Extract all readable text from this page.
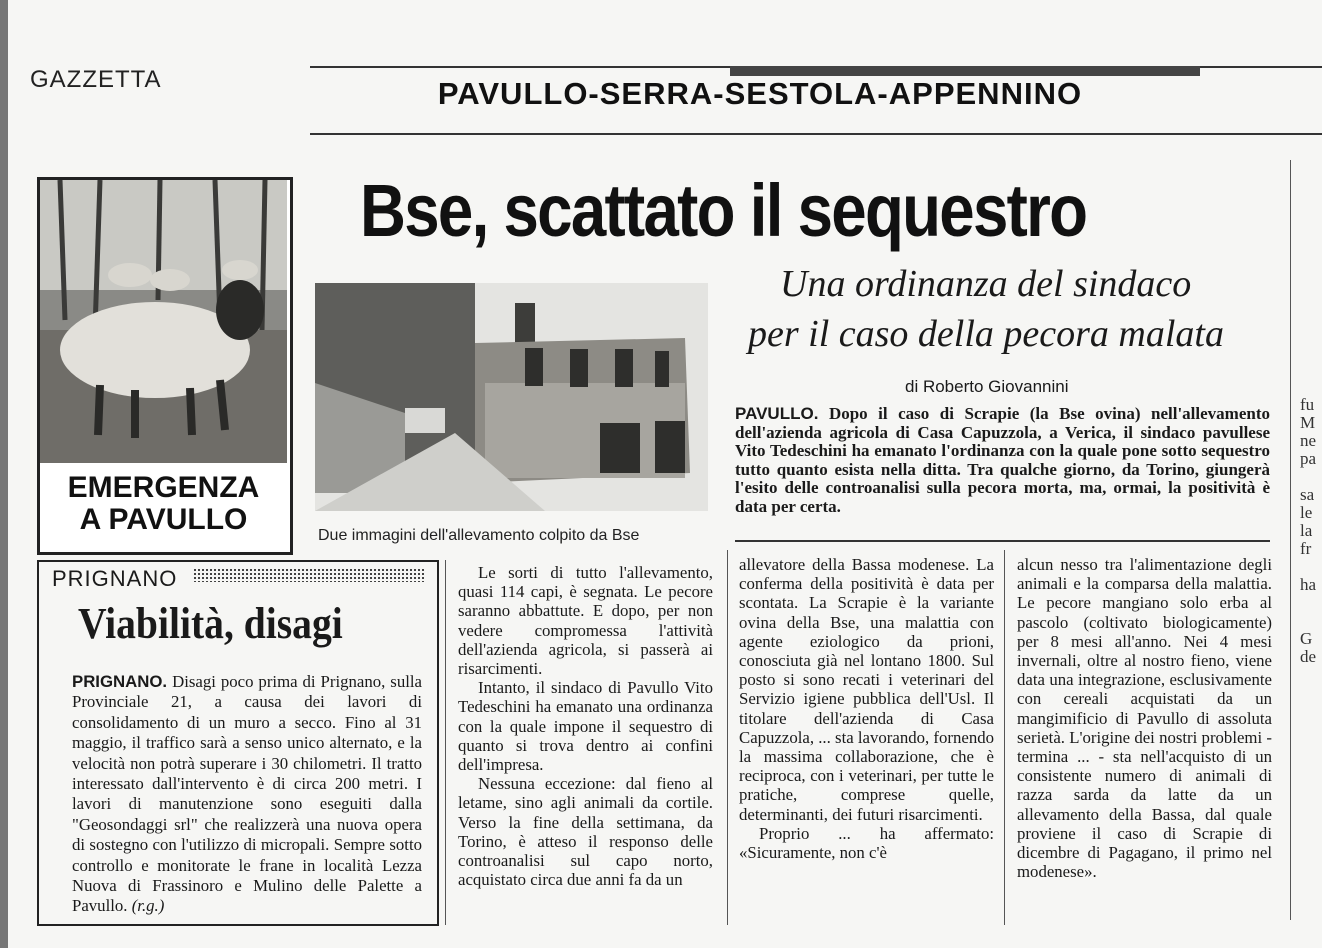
GAZZETTA	PAVULLO-SERRA-SESTOLA-APPENNINO
EMERGENZA
A PAVULLO	Due immagini dell'allevamento colpito da Bse
Bse, scattato il sequestro
Una ordinanza del sindaco
per il caso della pecora malata
di Roberto Giovannini
PAVULLO. Dopo il caso di Scrapie (la Bse ovina) nell'allevamento dell'azienda agricola di Casa Capuzzola, a Verica, il sindaco pavullese Vito Tedeschini ha emanato l'ordinanza con la quale pone sotto sequestro tutto quanto esista nella ditta. Tra qualche giorno, da Torino, giungerà l'esito delle controanalisi sulla pecora morta, ma, ormai, la positività è data per certa.
PRIGNANO
Viabilità, disagi
PRIGNANO. Disagi poco prima di Prignano, sulla Provinciale 21, a causa dei lavori di consolidamento di un muro a secco. Fino al 31 maggio, il traffico sarà a senso unico alternato, e la velocità non potrà superare i 30 chilometri. Il tratto interessato dall'intervento è di circa 200 metri. I lavori di manutenzione sono eseguiti dalla "Geosondaggi srl" che realizzerà una nuova opera di sostegno con l'utilizzo di micropali. Sempre sotto controllo e monitorate le frane in località Lezza Nuova di Frassinoro e Mulino delle Palette a Pavullo. (r.g.)

Le sorti di tutto l'allevamento, quasi 114 capi, è segnata. Le pecore saranno abbattute. E dopo, per non vedere compromessa l'attività dell'azienda agricola, si passerà ai risarcimenti.

Intanto, il sindaco di Pavullo Vito Tedeschini ha emanato una ordinanza con la quale impone il sequestro di quanto si trova dentro ai confini dell'impresa.

Nessuna eccezione: dal fieno al letame, sino agli animali da cortile. Verso la fine della settimana, da Torino, è atteso il responso delle controanalisi sul capo norto, acquistato circa due anni fa da un

allevatore della Bassa modenese. La conferma della positività è data per scontata. La Scrapie è la variante ovina della Bse, una malattia con agente eziologico da prioni, conosciuta già nel lontano 1800. Sul posto si sono recati i veterinari del Servizio igiene pubblica dell'Usl. Il titolare dell'azienda di Casa Capuzzola, ... sta lavorando, fornendo la massima collaborazione, che è reciproca, con i veterinari, per tutte le pratiche, comprese quelle, determinanti, dei futuri risarcimenti.

Proprio ... ha affermato: «Sicuramente, non c'è

alcun nesso tra l'alimentazione degli animali e la comparsa della malattia. Le pecore mangiano solo erba al pascolo (coltivato biologicamente) per 8 mesi all'anno. Nei 4 mesi invernali, oltre al nostro fieno, viene data una integrazione, esclusivamente con cereali acquistati da un mangimificio di Pavullo di assoluta serietà. L'origine dei nostri problemi - termina ... - sta nell'acquisto di un consistente numero di animali di razza sarda da latte da un allevamento della Bassa, dal quale proviene il caso di Scrapie di dicembre di Pagagano, il primo nel modenese».

fu
M
ne
pa
sa
le
la
fr
ha
G
de
